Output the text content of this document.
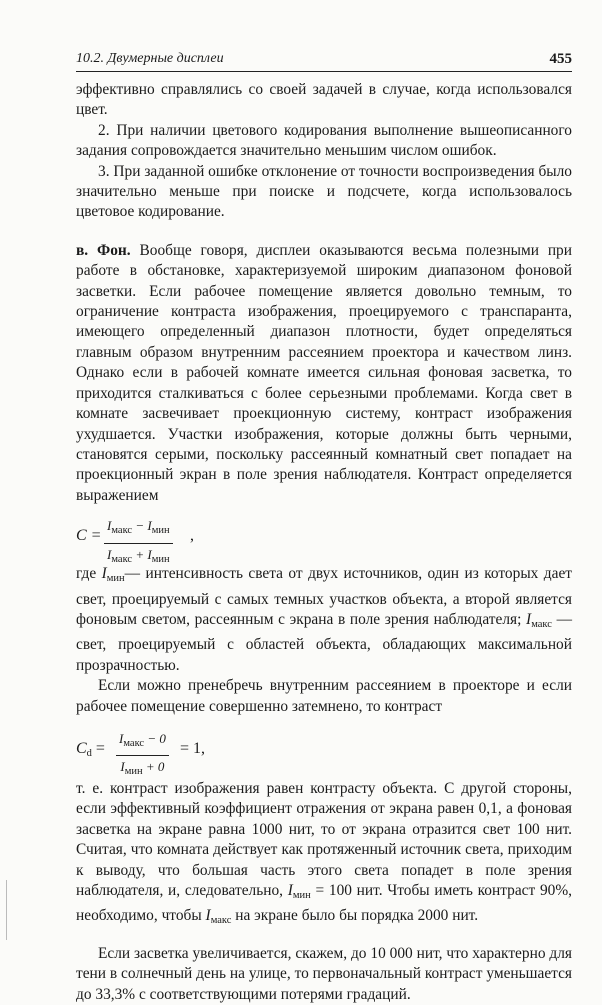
10.2. Двумерные дисплеи	455

эффективно справлялись со своей задачей в случае, когда использовался цвет.

2. При наличии цветового кодирования выполнение вышеописанного задания сопровождается значительно меньшим числом ошибок.

3. При заданной ошибке отклонение от точности воспроизведения было значительно меньше при поиске и подсчете, когда использовалось цветовое кодирование.

в. Фон. Вообще говоря, дисплеи оказываются весьма полезными при работе в обстановке, характеризуемой широким диапазоном фоновой засветки. Если рабочее помещение является довольно темным, то ограничение контраста изображения, проецируемого с транспаранта, имеющего определенный диапазон плотности, будет определяться главным образом внутренним рассеянием проектора и качеством линз. Однако если в рабочей комнате имеется сильная фоновая засветка, то приходится сталкиваться с более серьезными проблемами. Когда свет в комнате засвечивает проекционную систему, контраст изображения ухудшается. Участки изображения, которые должны быть черными, становятся серыми, поскольку рассеянный комнатный свет попадает на проекционный экран в поле зрения наблюдателя. Контраст определяется выражением

C =
$I_{макс} - I_{мин}$
$I_{макс} + I_{мин}$
,

где $I_{мин}—$ интенсивность света от двух источников, один из которых дает свет, проецируемый с самых темных участков объекта, а второй является фоновым светом, рассеянным с экрана в поле зрения наблюдателя; $I_{макс}$ — свет, проецируемый с областей объекта, обладающих максимальной прозрачностью.

Если можно пренебречь внутренним рассеянием в проекторе и если рабочее помещение совершенно затемнено, то контраст

$C_d$ =
$I_{макс} - 0$
$I_{мин} + 0$
= 1,

т. е. контраст изображения равен контрасту объекта. С другой стороны, если эффективный коэффициент отражения от экрана равен 0,1, а фоновая засветка на экране равна 1000 нит, то от экрана отразится свет 100 нит. Считая, что комната действует как протяженный источник света, приходим к выводу, что большая часть этого света попадет в поле зрения наблюдателя, и, следовательно, $I_{мин} = 100$ нит. Чтобы иметь контраст 90%, необходимо, чтобы $I_{макс}$ на экране было бы порядка 2000 нит.

Если засветка увеличивается, скажем, до 10 000 нит, что характерно для тени в солнечный день на улице, то первоначальный контраст уменьшается до 33,3% с соответствующими потерями градаций.
